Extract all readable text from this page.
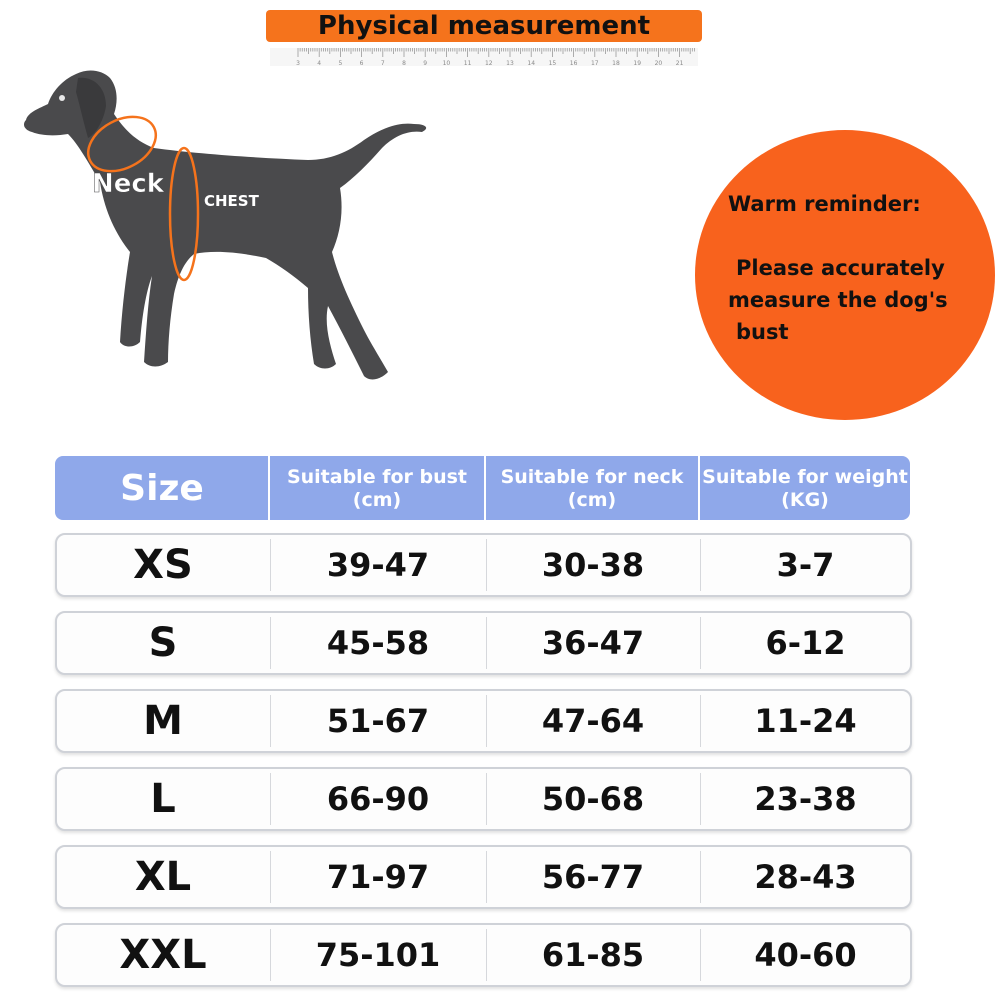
Physical measurement
3	4	5	6	7	8	9	10 11 12 13 14 15 16 17 18 19 20 21
Neck
CHEST	Warm reminder:
Please accurately
measure the dog's
bust
Size	Suitable for bust
(cm)
Suitable for neck
(cm)
Suitable for weight
(KG)
XS	39-47	30-38	3-7
S	45-58	36-47	6-12
M	51-67	47-64	11-24
L	66-90	50-68	23-38
XL	71-97	56-77	28-43
XXL	75-101	61-85	40-60
